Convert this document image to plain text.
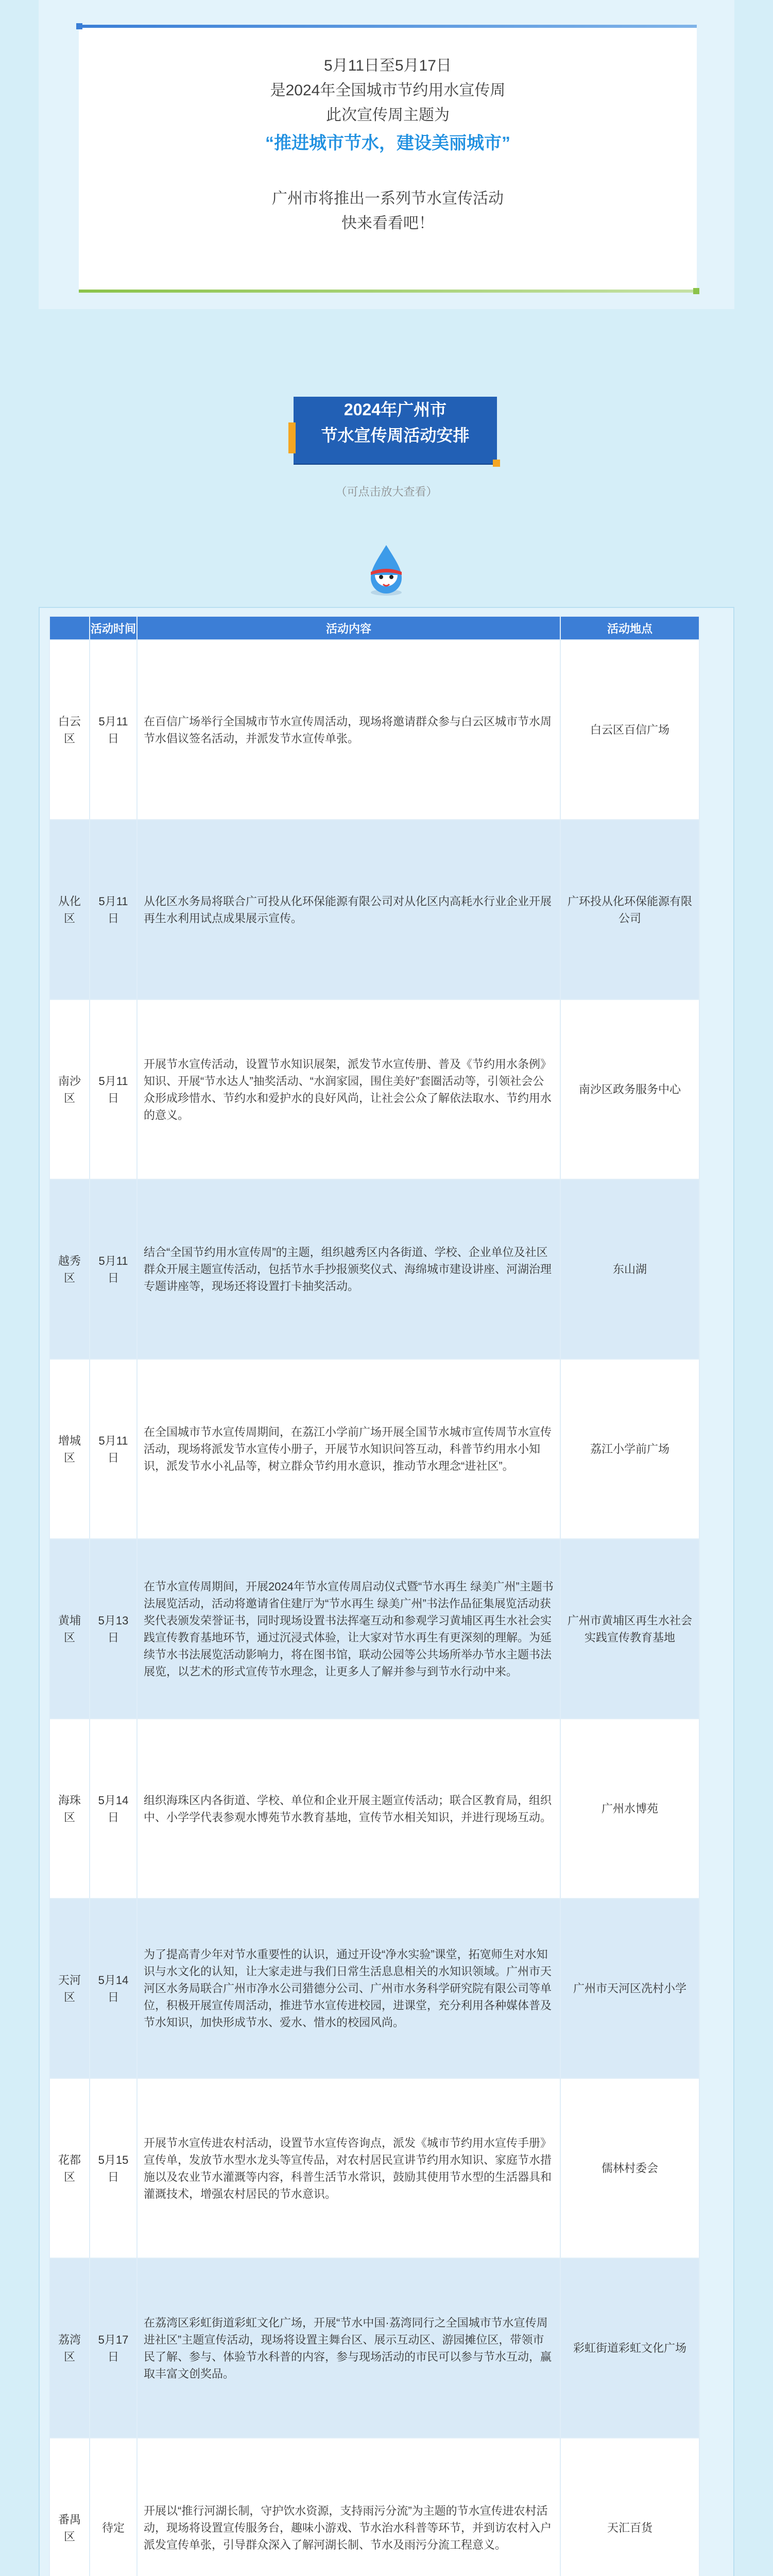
5月11日至5月17日
是2024年全国城市节约用水宣传周
此次宣传周主题为
“推进城市节水，建设美丽城市”
广州市将推出一系列节水宣传活动
快来看看吧！
2024年广州市
节水宣传周活动安排
（可点击放大查看）
	活动时间	活动内容	活动地点
白云区	5月11日	在百信广场举行全国城市节水宣传周活动，现场将邀请群众参与白云区城市节水周节水倡议签名活动，并派发节水宣传单张。	白云区百信广场
从化区	5月11日	从化区水务局将联合广可投从化环保能源有限公司对从化区内高耗水行业企业开展再生水利用试点成果展示宣传。	广环投从化环保能源有限公司
南沙区	5月11日	开展节水宣传活动，设置节水知识展架，派发节水宣传册、普及《节约用水条例》知识、开展“节水达人”抽奖活动、“水润家园，围住美好”套圈活动等，引领社会公众形成珍惜水、节约水和爱护水的良好风尚，让社会公众了解依法取水、节约用水的意义。	南沙区政务服务中心
越秀区	5月11日	结合“全国节约用水宣传周”的主题，组织越秀区内各街道、学校、企业单位及社区群众开展主题宣传活动，包括节水手抄报颁奖仪式、海绵城市建设讲座、河湖治理专题讲座等，现场还将设置打卡抽奖活动。	东山湖
增城区	5月11日	在全国城市节水宣传周期间，在荔江小学前广场开展全国节水城市宣传周节水宣传活动，现场将派发节水宣传小册子，开展节水知识问答互动，科普节约用水小知识，派发节水小礼品等，树立群众节约用水意识，推动节水理念“进社区”。	荔江小学前广场
黄埔区	5月13日	在节水宣传周期间，开展2024年节水宣传周启动仪式暨“节水再生 绿美广州”主题书法展览活动，活动将邀请省住建厅为“节水再生 绿美广州”书法作品征集展览活动获奖代表颁发荣誉证书，同时现场设置书法挥毫互动和参观学习黄埔区再生水社会实践宣传教育基地环节，通过沉浸式体验，让大家对节水再生有更深刻的理解。为延续节水书法展览活动影响力，将在图书馆，联动公园等公共场所举办节水主题书法展览，以艺术的形式宣传节水理念，让更多人了解并参与到节水行动中来。	广州市黄埔区再生水社会实践宣传教育基地
海珠区	5月14日	组织海珠区内各街道、学校、单位和企业开展主题宣传活动；联合区教育局，组织中、小学学代表参观水博苑节水教育基地，宣传节水相关知识，并进行现场互动。	广州水博苑
天河区	5月14日	为了提高青少年对节水重要性的认识，通过开设“净水实验”课堂，拓宽师生对水知识与水文化的认知，让大家走进与我们日常生活息息相关的水知识领域。广州市天河区水务局联合广州市净水公司猎德分公司、广州市水务科学研究院有限公司等单位，积极开展宣传周活动，推进节水宣传进校园，进课堂，充分利用各种媒体普及节水知识，加快形成节水、爱水、惜水的校园风尚。	广州市天河区冼村小学
花都区	5月15日	开展节水宣传进农村活动，设置节水宣传咨询点，派发《城市节约用水宣传手册》宣传单，发放节水型水龙头等宣传品，对农村居民宣讲节约用水知识、家庭节水措施以及农业节水灌溉等内容，科普生活节水常识，鼓励其使用节水型的生活器具和灌溉技术，增强农村居民的节水意识。	儒林村委会
荔湾区	5月17日	在荔湾区彩虹街道彩虹文化广场，开展“节水中国·荔湾同行之全国城市节水宣传周进社区”主题宣传活动，现场将设置主舞台区、展示互动区、游园摊位区，带领市民了解、参与、体验节水科普的内容，参与现场活动的市民可以参与节水互动，赢取丰富文创奖品。	彩虹街道彩虹文化广场
番禺区	待定	开展以“推行河湖长制，守护饮水资源，支持雨污分流”为主题的节水宣传进农村活动，现场将设置宣传服务台，趣味小游戏、节水治水科普等环节，并到访农村入户派发宣传单张，引导群众深入了解河湖长制、节水及雨污分流工程意义。	天汇百货
